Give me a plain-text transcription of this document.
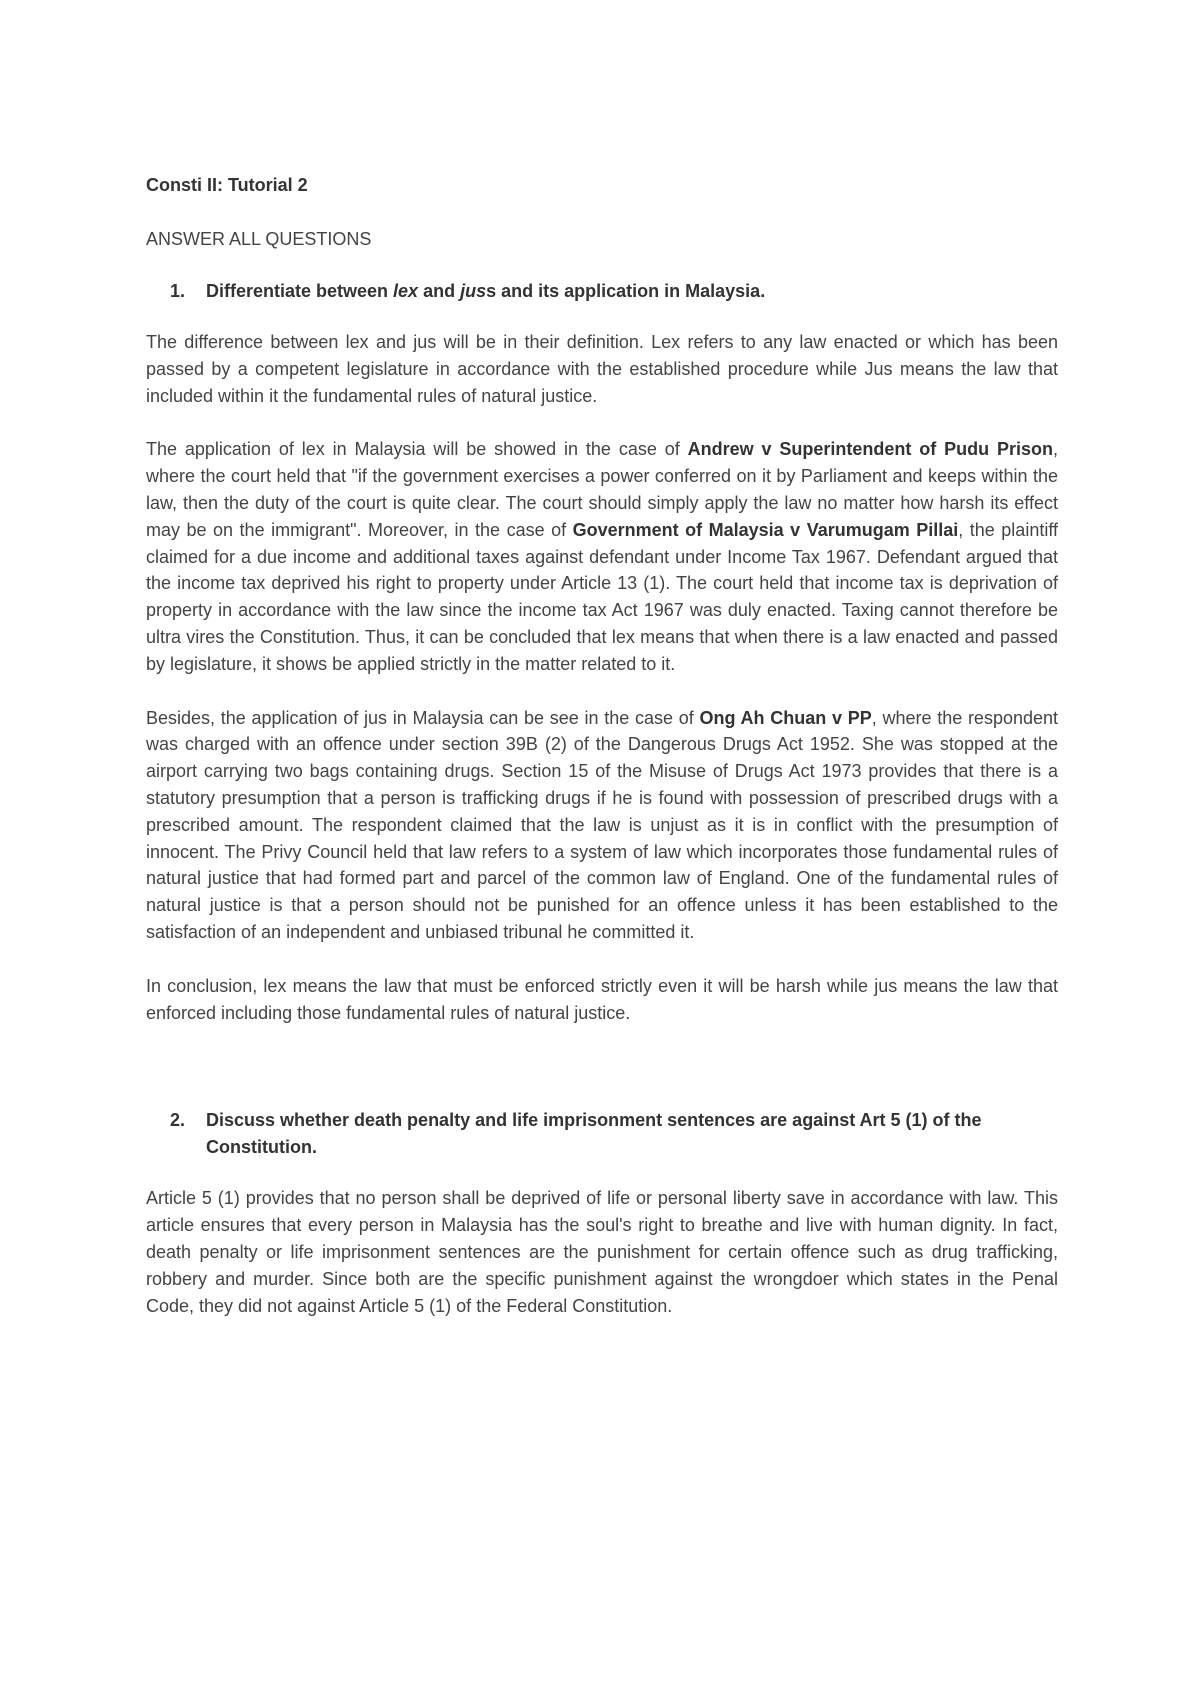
Consti II: Tutorial 2
ANSWER ALL QUESTIONS
1.	Differentiate between lex and juss and its application in Malaysia.

The difference between lex and jus will be in their definition. Lex refers to any law enacted or which has been passed by a competent legislature in accordance with the established procedure while Jus means the law that included within it the fundamental rules of natural justice.

The application of lex in Malaysia will be showed in the case of Andrew v Superintendent of Pudu Prison, where the court held that "if the government exercises a power conferred on it by Parliament and keeps within the law, then the duty of the court is quite clear. The court should simply apply the law no matter how harsh its effect may be on the immigrant". Moreover, in the case of Government of Malaysia v Varumugam Pillai, the plaintiff claimed for a due income and additional taxes against defendant under Income Tax 1967. Defendant argued that the income tax deprived his right to property under Article 13 (1). The court held that income tax is deprivation of property in accordance with the law since the income tax Act 1967 was duly enacted. Taxing cannot therefore be ultra vires the Constitution. Thus, it can be concluded that lex means that when there is a law enacted and passed by legislature, it shows be applied strictly in the matter related to it.

Besides, the application of jus in Malaysia can be see in the case of Ong Ah Chuan v PP, where the respondent was charged with an offence under section 39B (2) of the Dangerous Drugs Act 1952. She was stopped at the airport carrying two bags containing drugs. Section 15 of the Misuse of Drugs Act 1973 provides that there is a statutory presumption that a person is trafficking drugs if he is found with possession of prescribed drugs with a prescribed amount. The respondent claimed that the law is unjust as it is in conflict with the presumption of innocent. The Privy Council held that law refers to a system of law which incorporates those fundamental rules of natural justice that had formed part and parcel of the common law of England. One of the fundamental rules of natural justice is that a person should not be punished for an offence unless it has been established to the satisfaction of an independent and unbiased tribunal he committed it.

In conclusion, lex means the law that must be enforced strictly even it will be harsh while jus means the law that enforced including those fundamental rules of natural justice.

2.	Discuss whether death penalty and life imprisonment sentences are against Art 5 (1) of the Constitution.

Article 5 (1) provides that no person shall be deprived of life or personal liberty save in accordance with law. This article ensures that every person in Malaysia has the soul's right to breathe and live with human dignity. In fact, death penalty or life imprisonment sentences are the punishment for certain offence such as drug trafficking, robbery and murder. Since both are the specific punishment against the wrongdoer which states in the Penal Code, they did not against Article 5 (1) of the Federal Constitution.
